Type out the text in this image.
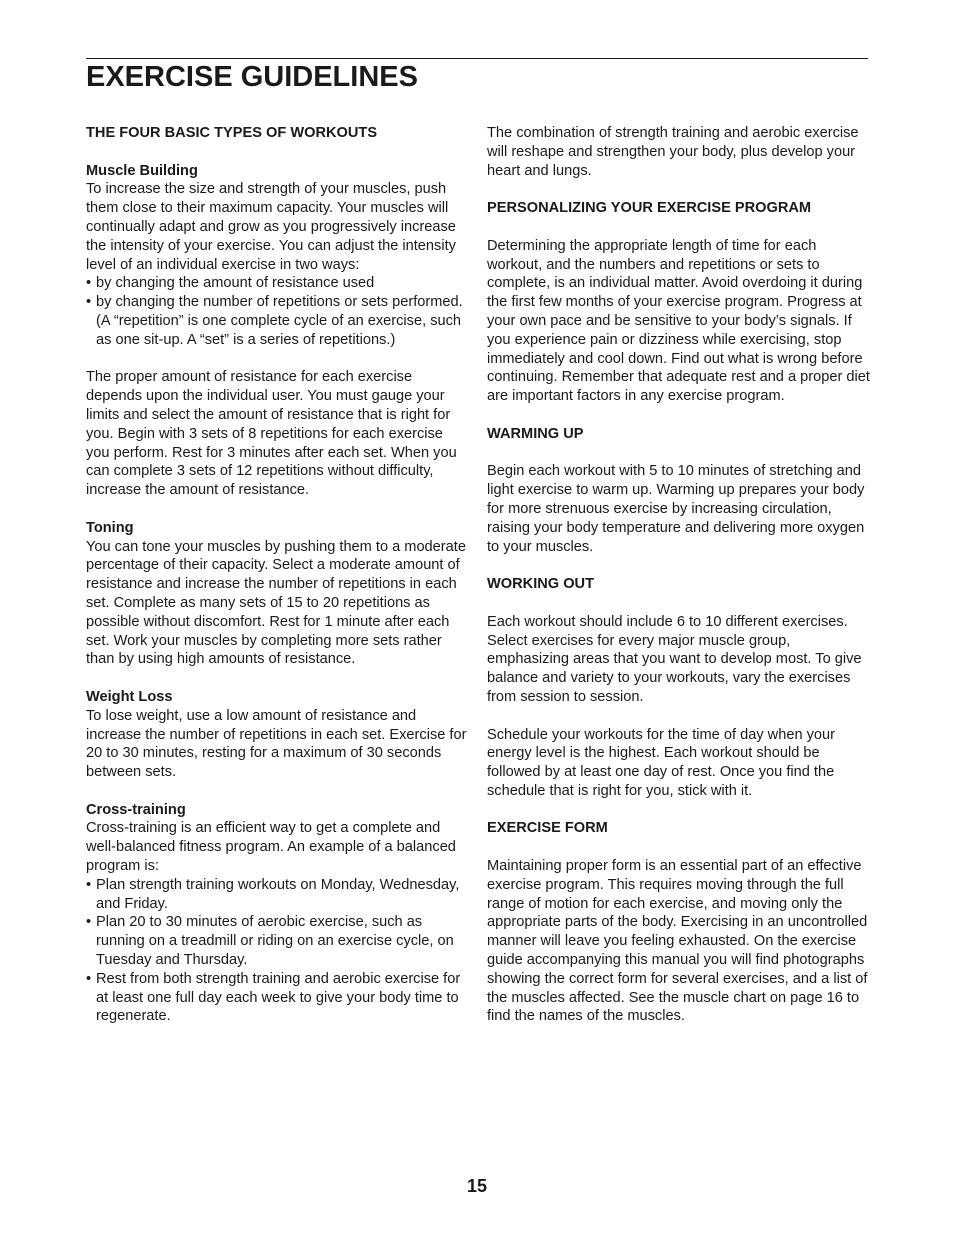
EXERCISE GUIDELINES
THE FOUR BASIC TYPES OF WORKOUTS
Muscle Building

To increase the size and strength of your muscles, push them close to their maximum capacity. Your muscles will continually adapt and grow as you progressively increase the intensity of your exercise. You can adjust the intensity level of an individual exercise in two ways:

• by changing the amount of resistance used
• by changing the number of repetitions or sets performed. (A “repetition” is one complete cycle of an exercise, such as one sit-up. A “set” is a series of repetitions.)

The proper amount of resistance for each exercise depends upon the individual user. You must gauge your limits and select the amount of resistance that is right for you. Begin with 3 sets of 8 repetitions for each exercise you perform. Rest for 3 minutes after each set. When you can complete 3 sets of 12 repetitions without difficulty, increase the amount of resistance.

Toning

You can tone your muscles by pushing them to a moderate percentage of their capacity. Select a moderate amount of resistance and increase the number of repetitions in each set. Complete as many sets of 15 to 20 repetitions as possible without discomfort. Rest for 1 minute after each set. Work your muscles by completing more sets rather than by using high amounts of resistance.

Weight Loss

To lose weight, use a low amount of resistance and increase the number of repetitions in each set. Exercise for 20 to 30 minutes, resting for a maximum of 30 seconds between sets.

Cross-training

Cross-training is an efficient way to get a complete and well-balanced fitness program. An example of a balanced program is:

• Plan strength training workouts on Monday, Wednesday, and Friday.
• Plan 20 to 30 minutes of aerobic exercise, such as running on a treadmill or riding on an exercise cycle, on Tuesday and Thursday.
• Rest from both strength training and aerobic exercise for at least one full day each week to give your body time to regenerate.

The combination of strength training and aerobic exercise will reshape and strengthen your body, plus develop your heart and lungs.

PERSONALIZING YOUR EXERCISE PROGRAM

Determining the appropriate length of time for each workout, and the numbers and repetitions or sets to complete, is an individual matter. Avoid overdoing it during the first few months of your exercise program. Progress at your own pace and be sensitive to your body’s signals. If you experience pain or dizziness while exercising, stop immediately and cool down. Find out what is wrong before continuing. Remember that adequate rest and a proper diet are important factors in any exercise program.

WARMING UP

Begin each workout with 5 to 10 minutes of stretching and light exercise to warm up. Warming up prepares your body for more strenuous exercise by increasing circulation, raising your body temperature and delivering more oxygen to your muscles.

WORKING OUT

Each workout should include 6 to 10 different exercises. Select exercises for every major muscle group, emphasizing areas that you want to develop most. To give balance and variety to your workouts, vary the exercises from session to session.

Schedule your workouts for the time of day when your energy level is the highest. Each workout should be followed by at least one day of rest. Once you find the schedule that is right for you, stick with it.

EXERCISE FORM

Maintaining proper form is an essential part of an effective exercise program. This requires moving through the full range of motion for each exercise, and moving only the appropriate parts of the body. Exercising in an uncontrolled manner will leave you feeling exhausted. On the exercise guide accompanying this manual you will find photographs showing the correct form for several exercises, and a list of the muscles affected. See the muscle chart on page 16 to find the names of the muscles.

15
